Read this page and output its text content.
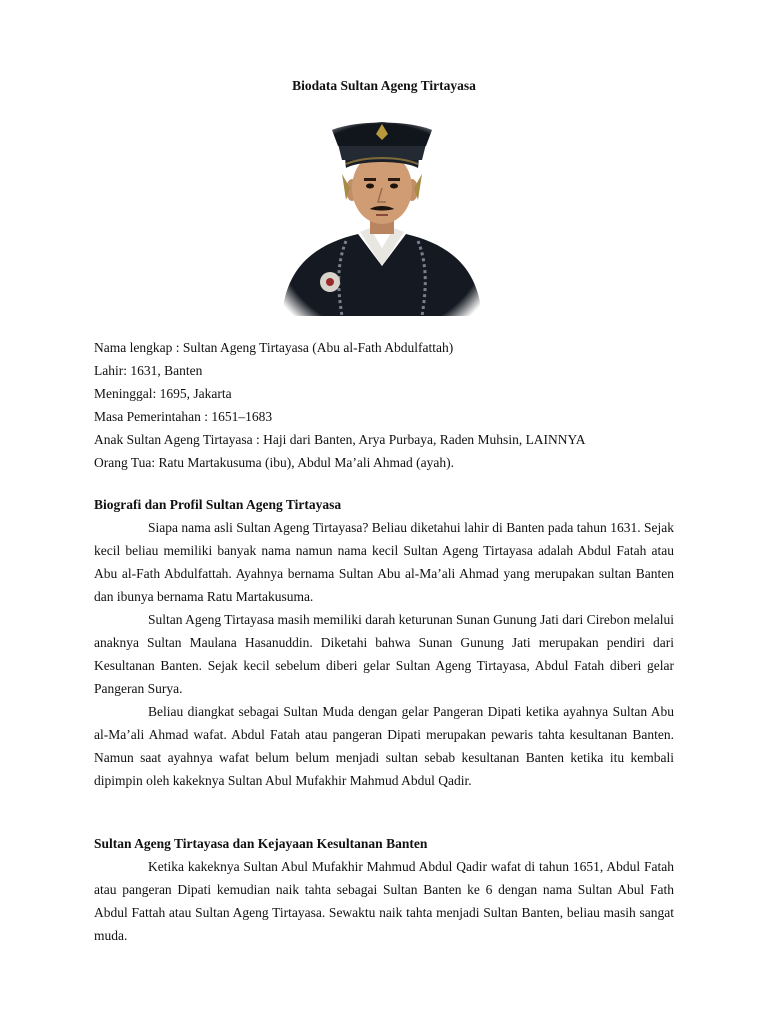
Biodata Sultan Ageng Tirtayasa
Nama lengkap : Sultan Ageng Tirtayasa (Abu al-Fath Abdulfattah)
Lahir: 1631, Banten
Meninggal: 1695, Jakarta
Masa Pemerintahan : 1651–1683
Anak Sultan Ageng Tirtayasa : Haji dari Banten, Arya Purbaya, Raden Muhsin, LAINNYA
Orang Tua: Ratu Martakusuma (ibu), Abdul Ma’ali Ahmad (ayah).
Biografi dan Profil Sultan Ageng Tirtayasa

Siapa nama asli Sultan Ageng Tirtayasa? Beliau diketahui lahir di Banten pada tahun 1631. Sejak kecil beliau memiliki banyak nama namun nama kecil Sultan Ageng Tirtayasa adalah Abdul Fatah atau Abu al-Fath Abdulfattah. Ayahnya bernama Sultan Abu al-Ma’ali Ahmad yang merupakan sultan Banten dan ibunya bernama Ratu Martakusuma.

Sultan Ageng Tirtayasa masih memiliki darah keturunan Sunan Gunung Jati dari Cirebon melalui anaknya Sultan Maulana Hasanuddin. Diketahi bahwa Sunan Gunung Jati merupakan pendiri dari Kesultanan Banten. Sejak kecil sebelum diberi gelar Sultan Ageng Tirtayasa, Abdul Fatah diberi gelar Pangeran Surya.

Beliau diangkat sebagai Sultan Muda dengan gelar Pangeran Dipati ketika ayahnya Sultan Abu al-Ma’ali Ahmad wafat. Abdul Fatah atau pangeran Dipati merupakan pewaris tahta kesultanan Banten. Namun saat ayahnya wafat belum belum menjadi sultan sebab kesultanan Banten ketika itu kembali dipimpin oleh kakeknya Sultan Abul Mufakhir Mahmud Abdul Qadir.

Sultan Ageng Tirtayasa dan Kejayaan Kesultanan Banten

Ketika kakeknya Sultan Abul Mufakhir Mahmud Abdul Qadir wafat di tahun 1651, Abdul Fatah atau pangeran Dipati kemudian naik tahta sebagai Sultan Banten ke 6 dengan nama Sultan Abul Fath Abdul Fattah atau Sultan Ageng Tirtayasa. Sewaktu naik tahta menjadi Sultan Banten, beliau masih sangat muda.
